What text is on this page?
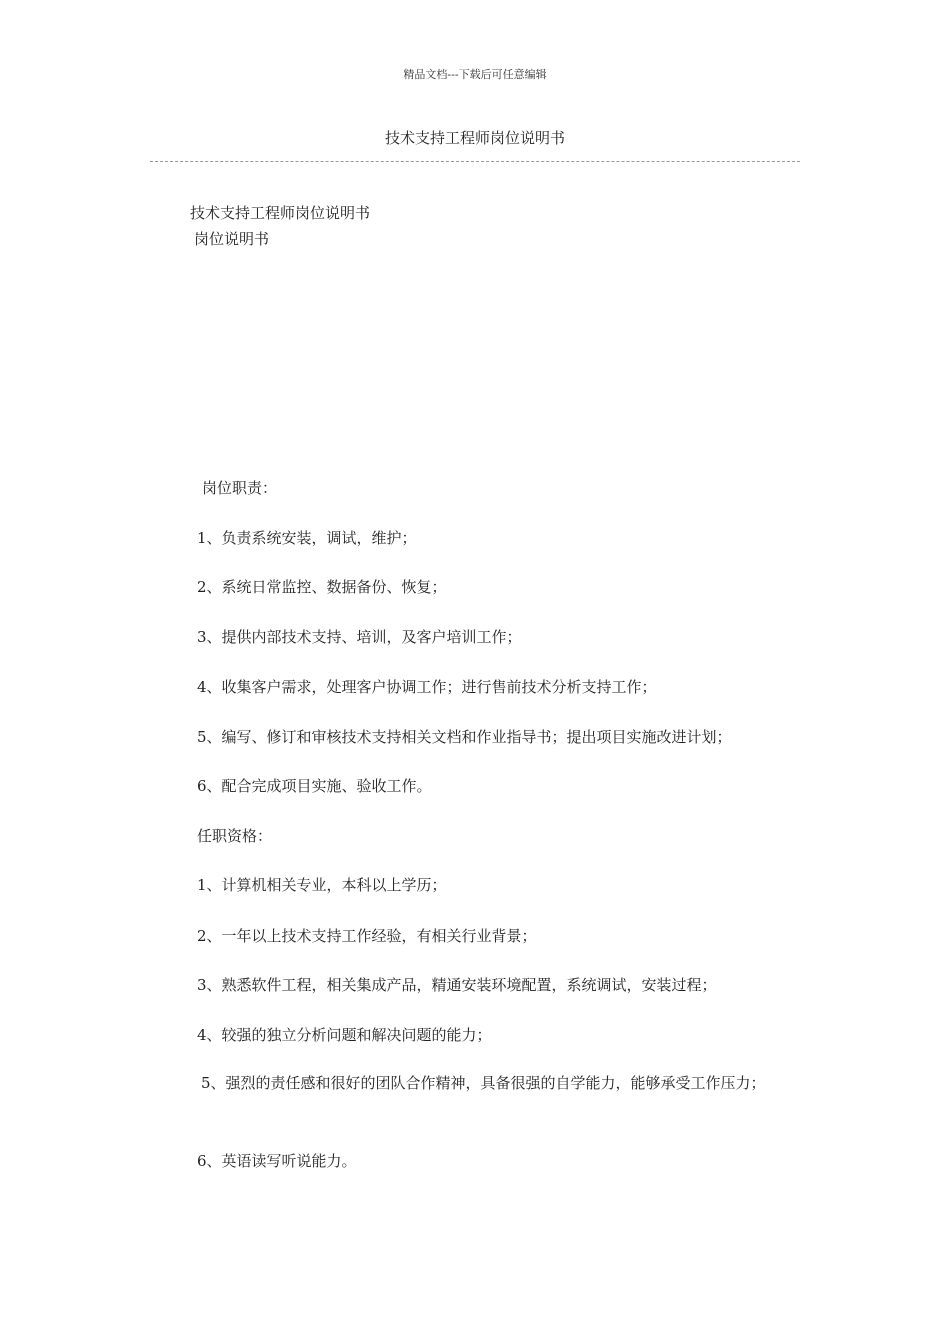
精品文档---下载后可任意编辑
技术支持工程师岗位说明书
技术支持工程师岗位说明书
岗位说明书
岗位职责：
1、负责系统安装，调试，维护；
2、系统日常监控、数据备份、恢复；
3、提供内部技术支持、培训，及客户培训工作；
4、收集客户需求，处理客户协调工作；进行售前技术分析支持工作；
5、编写、修订和审核技术支持相关文档和作业指导书；提出项目实施改进计划；
6、配合完成项目实施、验收工作。
任职资格：
1、计算机相关专业，本科以上学历；
2、一年以上技术支持工作经验，有相关行业背景；
3、熟悉软件工程，相关集成产品，精通安装环境配置，系统调试，安装过程；
4、较强的独立分析问题和解决问题的能力；
5、强烈的责任感和很好的团队合作精神，具备很强的自学能力，能够承受工作压力；
6、英语读写听说能力。
